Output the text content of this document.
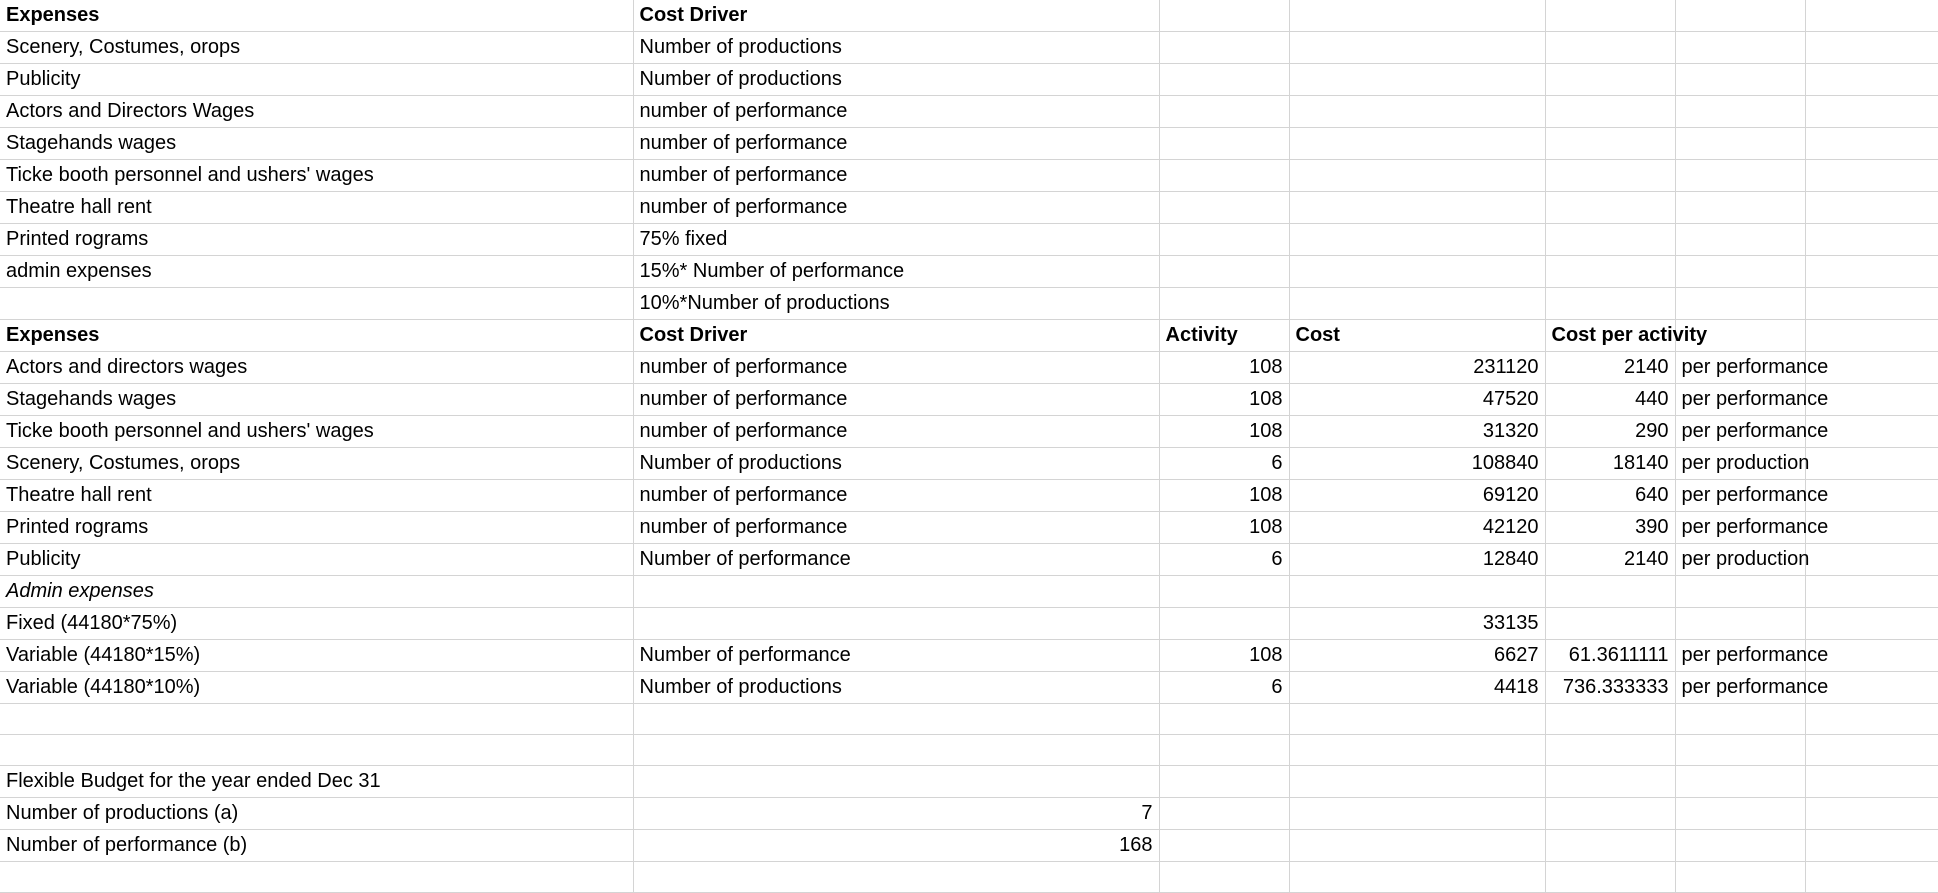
Expenses	Cost Driver					
Scenery, Costumes, orops	Number of productions					
Publicity	Number of productions					
Actors and Directors Wages	number of performance					
Stagehands wages	number of performance					
Ticke booth personnel and ushers' wages	number of performance					
Theatre hall rent	number of performance					
Printed rograms	75% fixed					
admin expenses	15%* Number of performance					
	10%*Number of productions					
Expenses	Cost Driver	Activity	Cost	Cost per activity		
Actors and directors wages	number of performance	108	231120	2140	per performance	
Stagehands wages	number of performance	108	47520	440	per performance	
Ticke booth personnel and ushers' wages	number of performance	108	31320	290	per performance	
Scenery, Costumes, orops	Number of productions	6	108840	18140	per production	
Theatre hall rent	number of performance	108	69120	640	per performance	
Printed rograms	number of performance	108	42120	390	per performance	
Publicity	Number of performance	6	12840	2140	per production	
Admin expenses						
Fixed (44180*75%)			33135			
Variable (44180*15%)	Number of performance	108	6627	61.3611111	per performance	
Variable (44180*10%)	Number of productions	6	4418	736.333333	per performance	

Flexible Budget for the year ended Dec 31						
Number of productions (a)	7					
Number of performance (b)	168					
